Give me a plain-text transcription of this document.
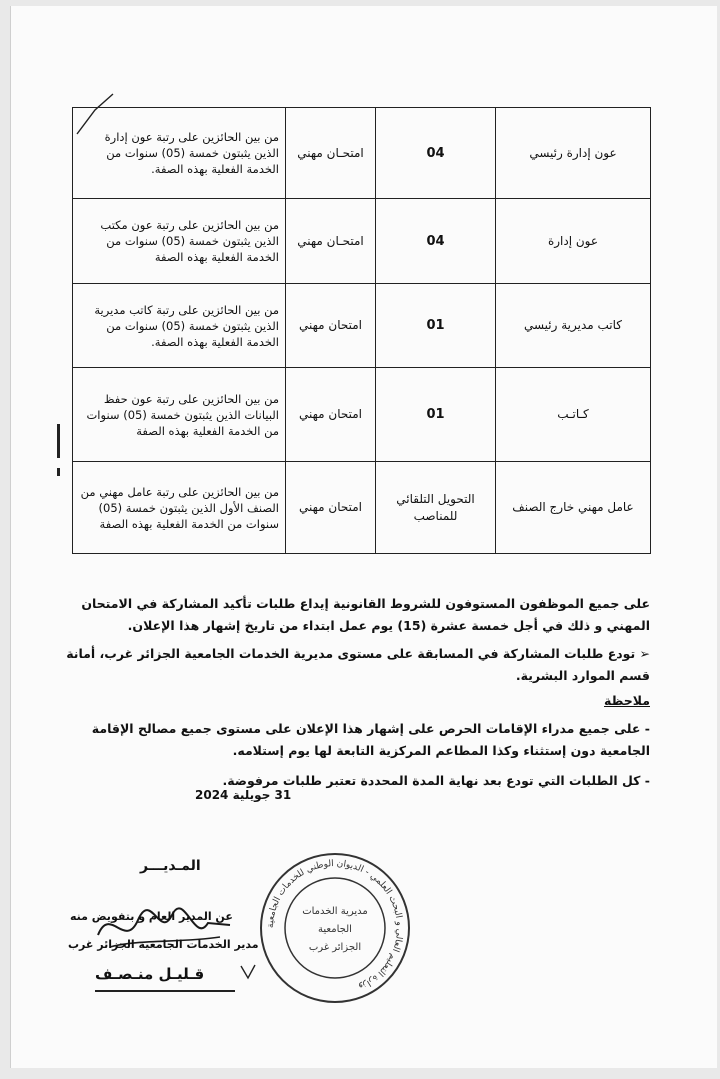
عون إدارة رئيسي	04	امتحـان مهني	من بين الحائزين على رتبة عون إدارة الذين يثبتون خمسة (05) سنوات من الخدمة الفعلية بهذه الصفة.
عون إدارة	04	امتحـان مهني	من بين الحائزين على رتبة عون مكتب الذين يثبتون خمسة (05) سنوات من الخدمة الفعلية بهذه الصفة
كاتب مديرية رئيسي	01	امتحان مهني	من بين الحائزين على رتبة كاتب مديرية الذين يثبتون خمسة (05) سنوات من الخدمة الفعلية بهذه الصفة.
كـاتـب	01	امتحان مهني	من بين الحائزين على رتبة عون حفظ البيانات الذين يثبتون خمسة (05) سنوات من الخدمة الفعلية بهذه الصفة
عامل مهني خارج الصنف	التحويل التلقائي للمناصب	امتحان مهني	من بين الحائزين على رتبة عامل مهني من الصنف الأول الذين يثبتون خمسة (05) سنوات من الخدمة الفعلية بهذه الصفة
على جميع الموظفون المستوفون للشروط القانونية إيداع طلبات تأكيد المشاركة في الامتحان المهني و ذلك في أجل خمسة عشرة (15) يوم عمل ابتداء من تاريخ إشهار هذا الإعلان.
➢ تودع طلبات المشاركة في المسابقة على مستوى مديرية الخدمات الجامعية الجزائر غرب، أمانة قسم الموارد البشرية.
ملاحظة
- على جميع مدراء الإقامات الحرص على إشهار هذا الإعلان على مستوى جميع مصالح الإقامة الجامعية دون إستثناء وكذا المطاعم المركزية التابعة لها يوم إستلامه.
- كل الطلبات التي تودع بعد نهاية المدة المحددة تعتبر طلبات مرفوضة.
31 جويلية 2024
المـديـــر
عن المدير العام و بتفويض منه
مدير الخدمات الجامعية الجزائر غرب
قـليـل منـصـف
وزارة التعليم العالي و البحث العلمي - الديوان الوطني للخدمات الجامعية
مديرية الخدمات
الجامعية
الجزائر غرب
